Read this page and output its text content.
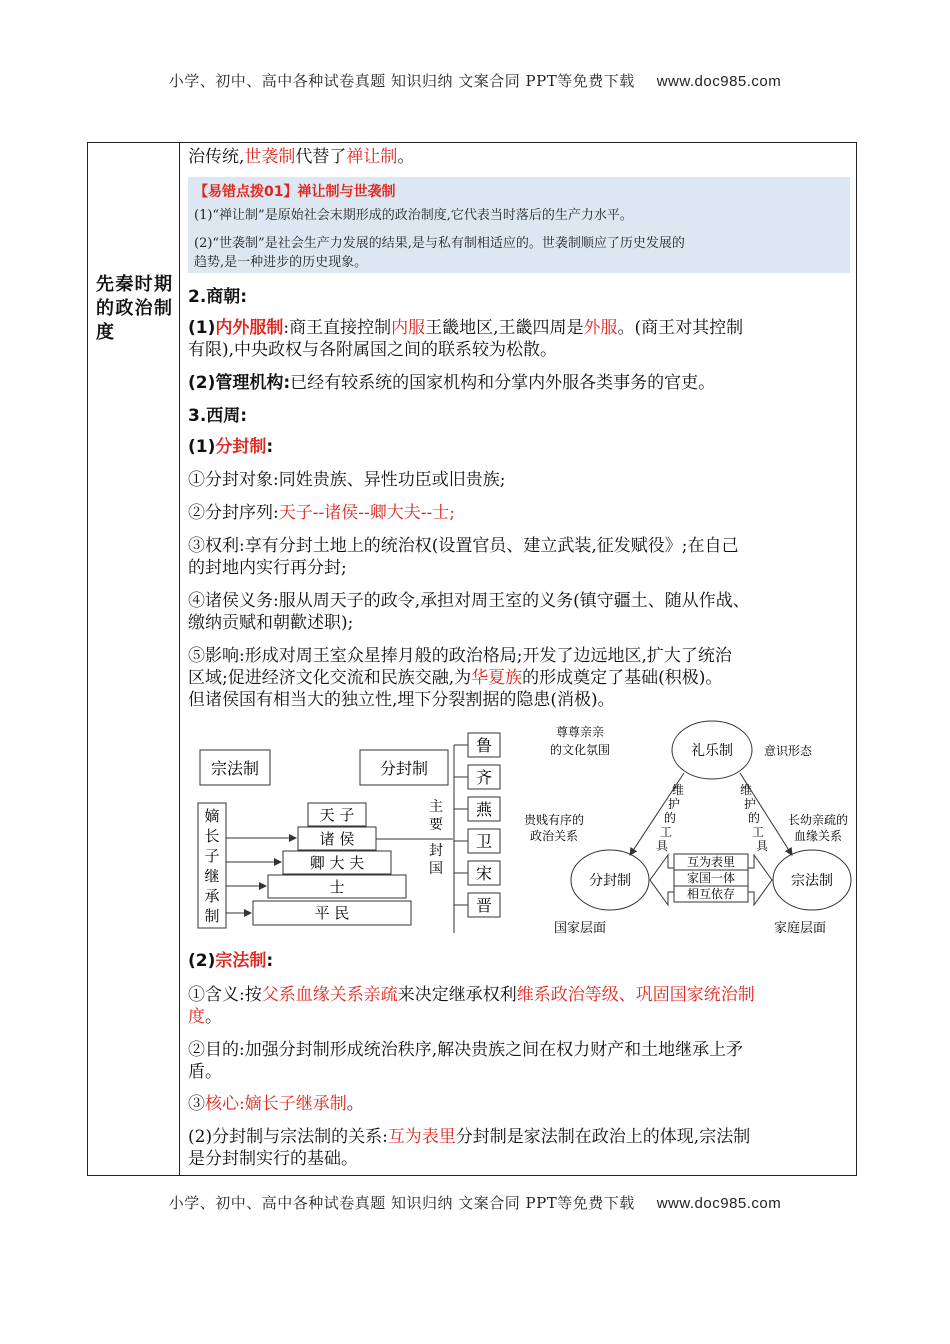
小学、初中、高中各种试卷真题 知识归纳 文案合同 PPT等免费下载 www.doc985.com
先秦时期的政治制度
治传统,世袭制代替了禅让制。
【易错点拨01】禅让制与世袭制
(1)“禅让制”是原始社会末期形成的政治制度,它代表当时落后的生产力水平。
(2)“世袭制”是社会生产力发展的结果,是与私有制相适应的。世袭制顺应了历史发展的
趋势,是一种进步的历史现象。
2.商朝:
(1)内外服制:商王直接控制内服王畿地区,王畿四周是外服。(商王对其控制
有限),中央政权与各附属国之间的联系较为松散。
(2)管理机构:已经有较系统的国家机构和分掌内外服各类事务的官吏。
3.西周:
(1)分封制:
①分封对象:同姓贵族、异性功臣或旧贵族;
②分封序列:天子--诸侯--卿大夫--士;
③权利:享有分封土地上的统治权(设置官员、建立武装,征发赋役》;在自己
的封地内实行再分封;
④诸侯义务:服从周天子的政令,承担对周王室的义务(镇守疆土、随从作战、
缴纳贡赋和朝歡述职);
⑤影响:形成对周王室众星捧月般的政治格局;开发了边远地区,扩大了统治
区域;促进经济文化交流和民族交融,为华夏族的形成奠定了基础(积极)。
但诸侯国有相当大的独立性,埋下分裂割据的隐患(消极)。
宗法制	分封制
嫡
长
子
继
承
制
天 子
诸 侯
卿 大 夫
士
平 民
主
要
封
国
鲁
齐
燕
卫
宋
晋
礼乐制
分封制	宗法制
尊尊亲亲
的文化氛围	意识形态
贵贱有序的
政治关系
长幼亲疏的
血缘关系
维
护
的
工
具
维
护
的
工
具
互为表里
家国一体
相互依存
国家层面	家庭层面
(2)宗法制:
①含义:按父系血缘关系亲疏来决定继承权利维系政治等级、巩固国家统治制
度。
②目的:加强分封制形成统治秩序,解决贵族之间在权力财产和土地继承上矛
盾。
③核心:嫡长子继承制。
(2)分封制与宗法制的关系:互为表里分封制是家法制在政治上的体现,宗法制
是分封制实行的基础。
小学、初中、高中各种试卷真题 知识归纳 文案合同 PPT等免费下载 www.doc985.com
